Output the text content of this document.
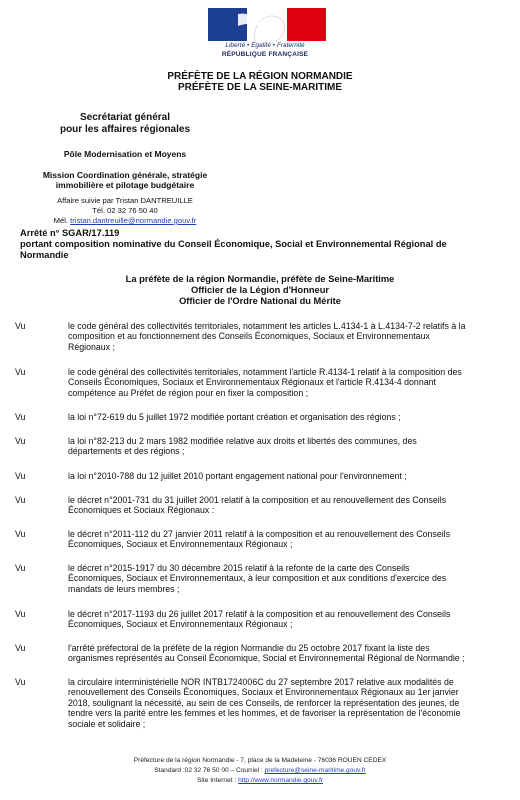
Liberté • Égalité • Fraternité
RÉPUBLIQUE FRANÇAISE
PRÉFÈTE DE LA RÉGION NORMANDIE
PRÉFÈTE DE LA SEINE-MARITIME
Secrétariat général
pour les affaires régionales
Pôle Modernisation et Moyens
Mission Coordination générale, stratégie
immobilière et pilotage budgétaire
Affaire suivie par Tristan DANTREUILLE
Tél. 02 32 76 50 40
Mél. tristan.dantreuille@normandie.gouv.fr
Arrêté n° SGAR/17.119
portant composition nominative du Conseil Économique, Social et Environnemental Régional de
Normandie
La préfète de la région Normandie, préfète de Seine-Maritime
Officier de la Légion d'Honneur
Officier de l'Ordre National du Mérite
Vu	le code général des collectivités territoriales, notamment les articles L.4134-1 à L.4134-7-2 relatifs à la
composition et au fonctionnement des Conseils Économiques, Sociaux et Environnementaux
Régionaux ;
Vu	le code général des collectivités territoriales, notamment l'article R.4134-1 relatif à la composition des
Conseils Économiques, Sociaux et Environnementaux Régionaux et l'article R.4134-4 donnant
compétence au Préfet de région pour en fixer la composition ;
Vu	la loi n°72-619 du 5 juillet 1972 modifiée portant création et organisation des régions ;
Vu	la loi n°82-213 du 2 mars 1982 modifiée relative aux droits et libertés des communes, des
départements et des régions ;
Vu	la loi n°2010-788 du 12 juillet 2010 portant engagement national pour l'environnement ;
Vu	le décret n°2001-731 du 31 juillet 2001 relatif à la composition et au renouvellement des Conseils
Économiques et Sociaux Régionaux :
Vu	le décret n°2011-112 du 27 janvier 2011 relatif à la composition et au renouvellement des Conseils
Économiques, Sociaux et Environnementaux Régionaux ;
Vu	le décret n°2015-1917 du 30 décembre 2015 relatif à la refonte de la carte des Conseils
Économiques, Sociaux et Environnementaux, à leur composition et aux conditions d'exercice des
mandats de leurs membres ;
Vu	le décret n°2017-1193 du 26 juillet 2017 relatif à la composition et au renouvellement des Conseils
Économiques, Sociaux et Environnementaux Régionaux ;
Vu	l'arrêté préfectoral de la préfète de la région Normandie du 25 octobre 2017 fixant la liste des
organismes représentés au Conseil Économique, Social et Environnemental Régional de Normandie ;
Vu	la circulaire interministérielle NOR INTB1724006C du 27 septembre 2017 relative aux modalités de
renouvellement des Conseils Économiques, Sociaux et Environnementaux Régionaux au 1er janvier
2018, soulignant la nécessité, au sein de ces Conseils, de renforcer la représentation des jeunes, de
tendre vers la parité entre les femmes et les hommes, et de favoriser la représentation de l'économie
sociale et solidaire ;
Préfecture de la région Normandie - 7, place de la Madeleine - 76036 ROUEN CEDEX
Standard :02 32 76 50 00 – Courriel : prefecture@seine-maritime.gouv.fr
Site Internet : http://www.normandie.gouv.fr
